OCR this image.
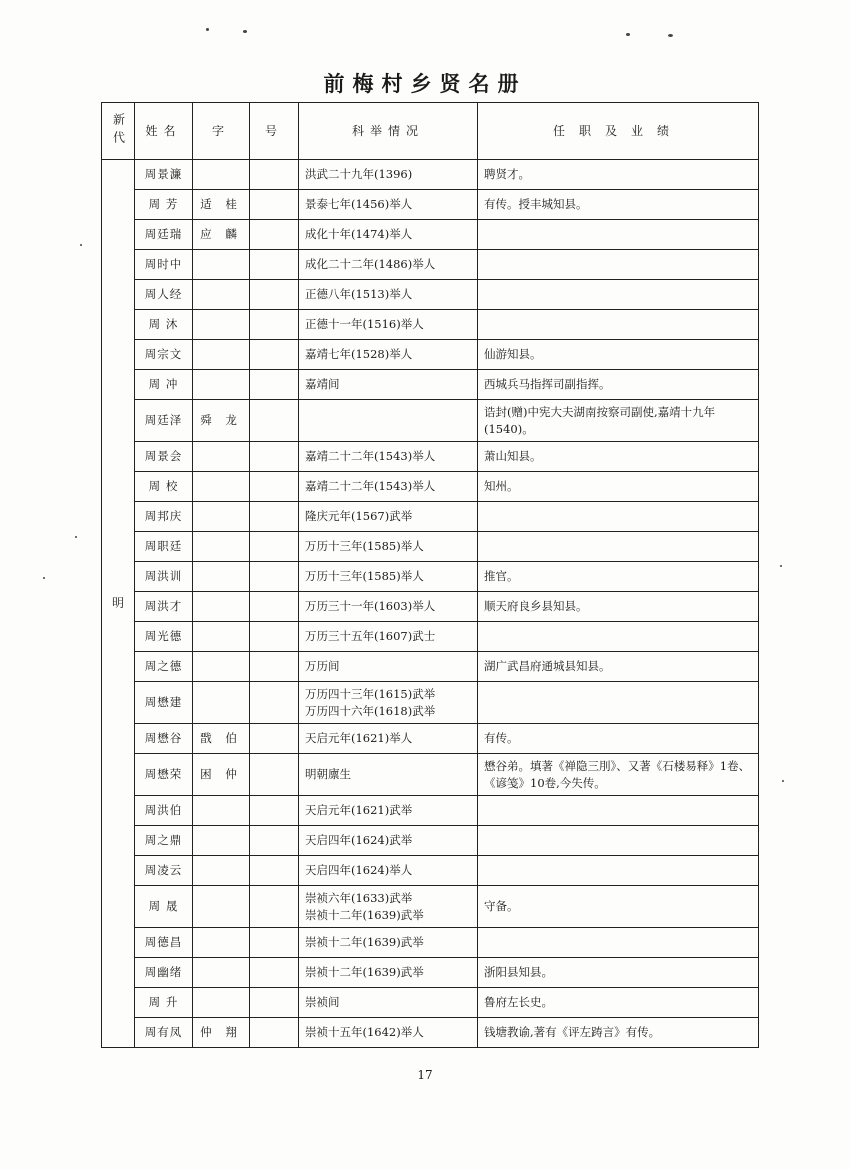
前梅村乡贤名册
新代	姓名	字	号	科举情况	任职及业绩
明	周景濂			洪武二十九年(1396)	聘贤才。
	周 芳	适 桂		景泰七年(1456)举人	有传。授丰城知县。
	周廷瑞	应 麟		成化十年(1474)举人	
	周时中			成化二十二年(1486)举人	
	周人经			正德八年(1513)举人	
	周 沐			正德十一年(1516)举人	
	周宗文			嘉靖七年(1528)举人	仙游知县。
	周 冲			嘉靖间	西城兵马指挥司副指挥。
	周廷泽	舜 龙			诰封(赠)中宪大夫湖南按察司副使,嘉靖十九年(1540)。
	周景会			嘉靖二十二年(1543)举人	萧山知县。
	周 校			嘉靖二十二年(1543)举人	知州。
	周邦庆			隆庆元年(1567)武举	
	周职廷			万历十三年(1585)举人	
	周洪训			万历十三年(1585)举人	推官。
	周洪才			万历三十一年(1603)举人	顺天府良乡县知县。
	周光德			万历三十五年(1607)武士	
	周之德			万历间	湖广武昌府通城县知县。
	周懋建			万历四十三年(1615)武举
万历四十六年(1618)武举	
	周懋谷	戬 伯		天启元年(1621)举人	有传。
	周懋荣	困 仲		明朝廪生	懋谷弟。填著《禅隐三刖》、又著《石楼易释》1卷、《谚笺》10卷,今失传。
	周洪伯			天启元年(1621)武举	
	周之鼎			天启四年(1624)武举	
	周凌云			天启四年(1624)举人	
	周 晟			崇祯六年(1633)武举
崇祯十二年(1639)武举	守备。
	周德昌			崇祯十二年(1639)武举	
	周幽绪			崇祯十二年(1639)武举	浙阳县知县。
	周 升			崇祯间	鲁府左长史。
	周有凤	仲 翔		崇祯十五年(1642)举人	钱塘教谕,著有《评左踌言》有传。
17
